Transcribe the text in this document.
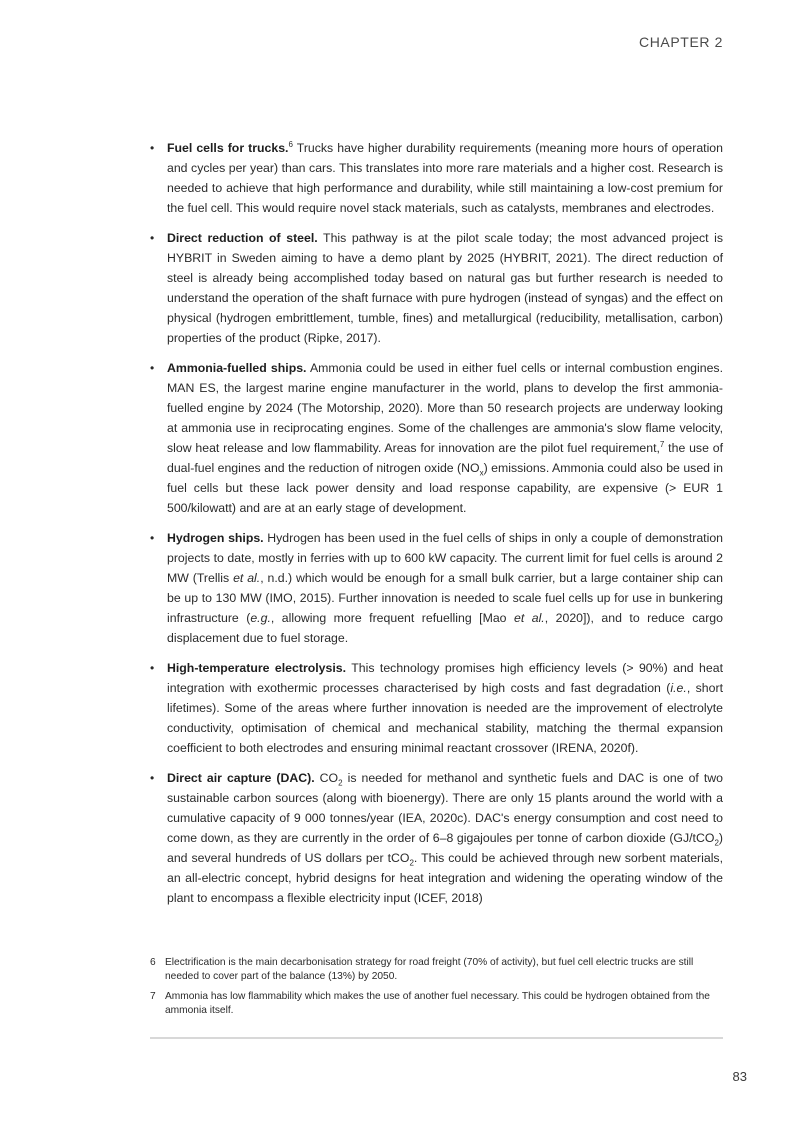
CHAPTER 2
• Fuel cells for trucks.$^6$ Trucks have higher durability requirements (meaning more hours of operation and cycles per year) than cars. This translates into more rare materials and a higher cost. Research is needed to achieve that high performance and durability, while still maintaining a low-cost premium for the fuel cell. This would require novel stack materials, such as catalysts, membranes and electrodes.
• Direct reduction of steel. This pathway is at the pilot scale today; the most advanced project is HYBRIT in Sweden aiming to have a demo plant by 2025 (HYBRIT, 2021). The direct reduction of steel is already being accomplished today based on natural gas but further research is needed to understand the operation of the shaft furnace with pure hydrogen (instead of syngas) and the effect on physical (hydrogen embrittlement, tumble, fines) and metallurgical (reducibility, metallisation, carbon) properties of the product (Ripke, 2017).
• Ammonia-fuelled ships. Ammonia could be used in either fuel cells or internal combustion engines. MAN ES, the largest marine engine manufacturer in the world, plans to develop the first ammonia-fuelled engine by 2024 (The Motorship, 2020). More than 50 research projects are underway looking at ammonia use in reciprocating engines. Some of the challenges are ammonia's slow flame velocity, slow heat release and low flammability. Areas for innovation are the pilot fuel requirement,$^7$ the use of dual-fuel engines and the reduction of nitrogen oxide $(NO_x)$ emissions. Ammonia could also be used in fuel cells but these lack power density and load response capability, are expensive (> EUR 1 500/kilowatt) and are at an early stage of development.
• Hydrogen ships. Hydrogen has been used in the fuel cells of ships in only a couple of demonstration projects to date, mostly in ferries with up to 600 kW capacity. The current limit for fuel cells is around 2 MW (Trellis et al., n.d.) which would be enough for a small bulk carrier, but a large container ship can be up to 130 MW (IMO, 2015). Further innovation is needed to scale fuel cells up for use in bunkering infrastructure (e.g., allowing more frequent refuelling [Mao et al., 2020]), and to reduce cargo displacement due to fuel storage.
• High-temperature electrolysis. This technology promises high efficiency levels (> 90%) and heat integration with exothermic processes characterised by high costs and fast degradation (i.e., short lifetimes). Some of the areas where further innovation is needed are the improvement of electrolyte conductivity, optimisation of chemical and mechanical stability, matching the thermal expansion coefficient to both electrodes and ensuring minimal reactant crossover (IRENA, 2020f).
• Direct air capture (DAC). $CO_2$ is needed for methanol and synthetic fuels and DAC is one of two sustainable carbon sources (along with bioenergy). There are only 15 plants around the world with a cumulative capacity of 9 000 tonnes/year (IEA, 2020c). DAC's energy consumption and cost need to come down, as they are currently in the order of 6–8 gigajoules per tonne of carbon dioxide (GJ/tCO$_2$) and several hundreds of US dollars per tCO$_2$. This could be achieved through new sorbent materials, an all-electric concept, hybrid designs for heat integration and widening the operating window of the plant to encompass a flexible electricity input (ICEF, 2018)
6 Electrification is the main decarbonisation strategy for road freight (70% of activity), but fuel cell electric trucks are still needed to cover part of the balance (13%) by 2050.
7 Ammonia has low flammability which makes the use of another fuel necessary. This could be hydrogen obtained from the ammonia itself.
83
